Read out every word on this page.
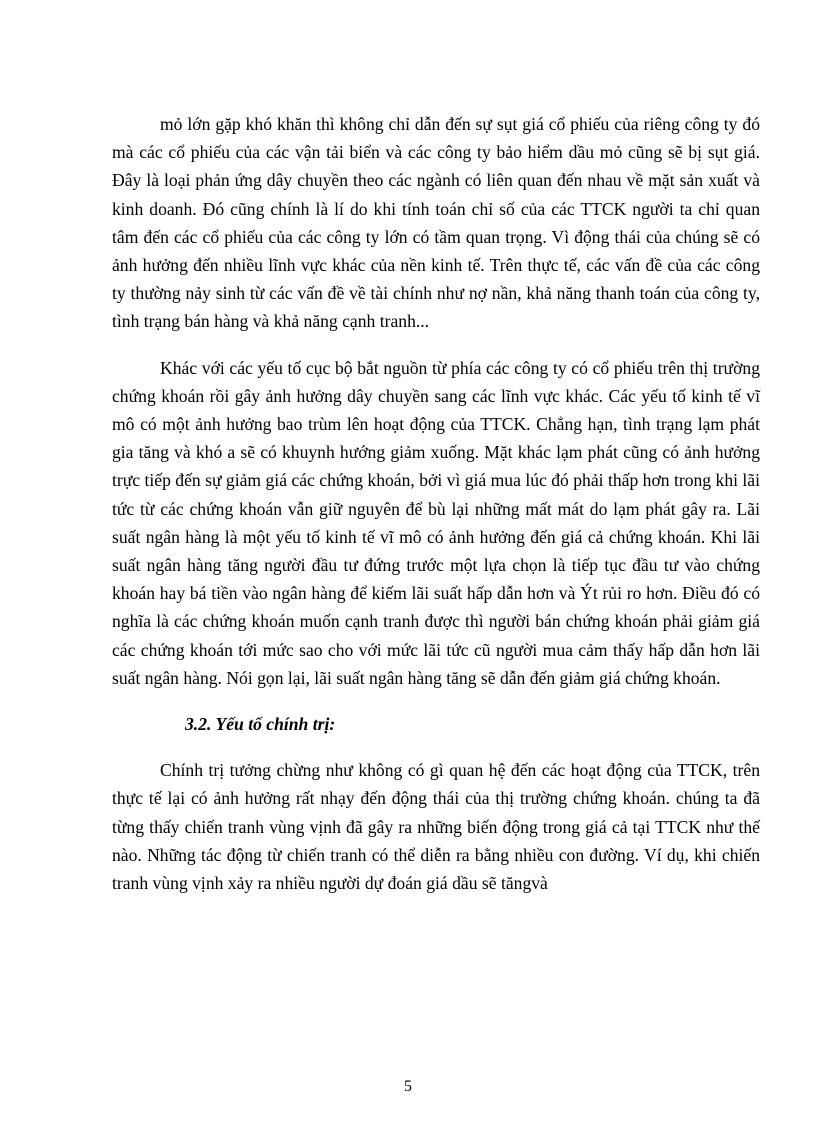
mỏ lớn gặp khó khăn thì không chỉ dẫn đến sự sụt giá cổ phiếu của riêng công ty đó mà các cổ phiếu của các vận tải biển và các công ty bảo hiểm dầu mỏ cũng sẽ bị sụt giá. Đây là loại phản ứng dây chuyền theo các ngành có liên quan đến nhau về mặt sản xuất và kinh doanh. Đó cũng chính là lí do khi tính toán chỉ số của các TTCK người ta chỉ quan tâm đến các cổ phiếu của các công ty lớn có tầm quan trọng. Vì động thái của chúng sẽ có ảnh hưởng đến nhiều lĩnh vực khác của nền kinh tế. Trên thực tế, các vấn đề của các công ty thường nảy sinh từ các vấn đề về tài chính như nợ nần, khả năng thanh toán của công ty, tình trạng bán hàng và khả năng cạnh tranh...

Khác với các yếu tố cục bộ bắt nguồn từ phía các công ty có cổ phiếu trên thị trường chứng khoán rồi gây ảnh hưởng dây chuyền sang các lĩnh vực khác. Các yếu tố kinh tế vĩ mô có một ảnh hưởng bao trùm lên hoạt động của TTCK. Chẳng hạn, tình trạng lạm phát gia tăng và khó a sẽ có khuynh hướng giảm xuống. Mặt khác lạm phát cũng có ảnh hưởng trực tiếp đến sự giảm giá các chứng khoán, bởi vì giá mua lúc đó phải thấp hơn trong khi lãi tức từ các chứng khoán vẫn giữ nguyên để bù lại những mất mát do lạm phát gây ra. Lãi suất ngân hàng là một yếu tố kinh tế vĩ mô có ảnh hưởng đến giá cả chứng khoán. Khi lãi suất ngân hàng tăng người đầu tư đứng trước một lựa chọn là tiếp tục đầu tư vào chứng khoán hay bá tiền vào ngân hàng để kiếm lãi suất hấp dẫn hơn và Ýt rủi ro hơn. Điều đó có nghĩa là các chứng khoán muốn cạnh tranh được thì người bán chứng khoán phải giảm giá các chứng khoán tới mức sao cho với mức lãi tức cũ người mua cảm thấy hấp dẫn hơn lãi suất ngân hàng. Nói gọn lại, lãi suất ngân hàng tăng sẽ dẫn đến giảm giá chứng khoán.

3.2. Yếu tố chính trị:

Chính trị tưởng chừng như không có gì quan hệ đến các hoạt động của TTCK, trên thực tế lại có ảnh hưởng rất nhạy đến động thái của thị trường chứng khoán. chúng ta đã từng thấy chiến tranh vùng vịnh đã gây ra những biến động trong giá cả tại TTCK như thế nào. Những tác động từ chiến tranh có thể diễn ra bằng nhiều con đường. Ví dụ, khi chiến tranh vùng vịnh xảy ra nhiều người dự đoán giá dầu sẽ tăngvà

5
